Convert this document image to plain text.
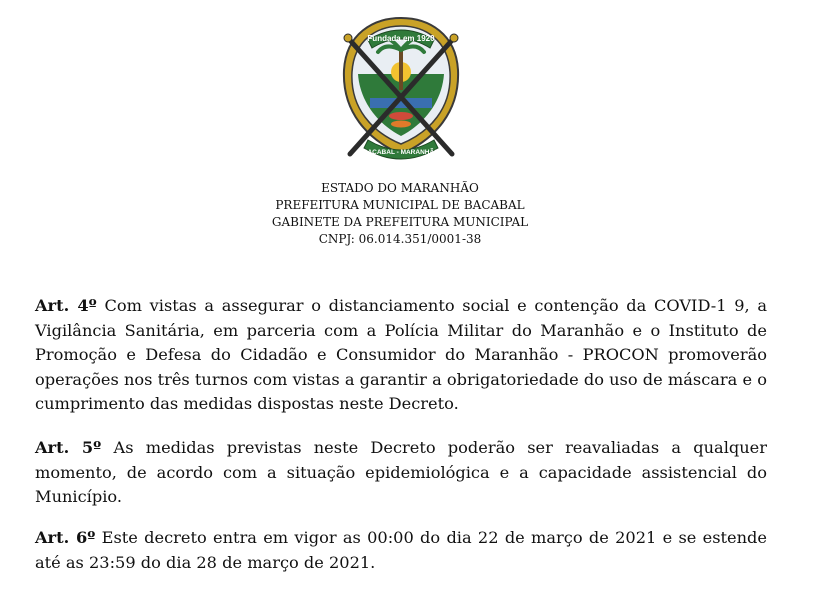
Fundada em 1920
BACABAL - MARANHÃO
ESTADO DO MARANHÃO
PREFEITURA MUNICIPAL DE BACABAL
GABINETE DA PREFEITURA MUNICIPAL
CNPJ: 06.014.351/0001-38

Art. 4º Com vistas a assegurar o distanciamento social e contenção da COVID-1 9, a Vigilância Sanitária, em parceria com a Polícia Militar do Maranhão e o Instituto de Promoção e Defesa do Cidadão e Consumidor do Maranhão - PROCON promoverão operações nos três turnos com vistas a garantir a obrigatoriedade do uso de máscara e o cumprimento das medidas dispostas neste Decreto.

Art. 5º As medidas previstas neste Decreto poderão ser reavaliadas a qualquer momento, de acordo com a situação epidemiológica e a capacidade assistencial do Município.

Art. 6º Este decreto entra em vigor as 00:00 do dia 22 de março de 2021 e se estende até as 23:59 do dia 28 de março de 2021.
